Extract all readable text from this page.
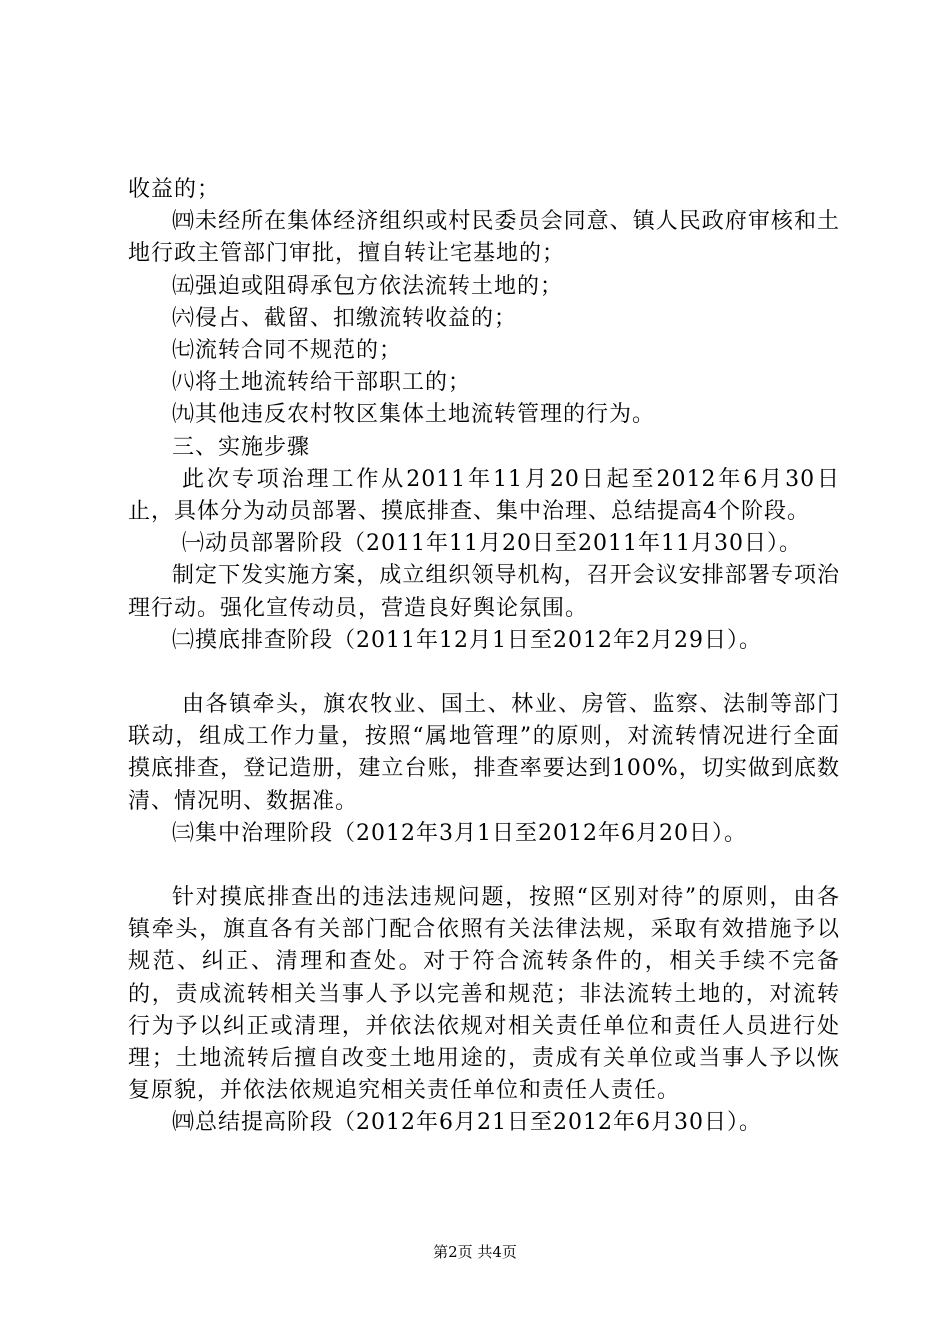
收益的；

㈣未经所在集体经济组织或村民委员会同意、镇人民政府审核和土地行政主管部门审批，擅自转让宅基地的；

㈤强迫或阻碍承包方依法流转土地的；

㈥侵占、截留、扣缴流转收益的；

㈦流转合同不规范的；

㈧将土地流转给干部职工的；

㈨其他违反农村牧区集体土地流转管理的行为。

三、实施步骤

此次专项治理工作从2011年11月20日起至2012年6月30日止，具体分为动员部署、摸底排查、集中治理、总结提高4个阶段。

㈠动员部署阶段（2011年11月20日至2011年11月30日）。

制定下发实施方案，成立组织领导机构，召开会议安排部署专项治理行动。强化宣传动员，营造良好舆论氛围。

㈡摸底排查阶段（2011年12月1日至2012年2月29日）。

由各镇牵头，旗农牧业、国土、林业、房管、监察、法制等部门联动，组成工作力量，按照“属地管理”的原则，对流转情况进行全面摸底排查，登记造册，建立台账，排查率要达到100%，切实做到底数清、情况明、数据准。

㈢集中治理阶段（2012年3月1日至2012年6月20日）。

针对摸底排查出的违法违规问题，按照“区别对待”的原则，由各镇牵头，旗直各有关部门配合依照有关法律法规，采取有效措施予以规范、纠正、清理和查处。对于符合流转条件的，相关手续不完备的，责成流转相关当事人予以完善和规范；非法流转土地的，对流转行为予以纠正或清理，并依法依规对相关责任单位和责任人员进行处理；土地流转后擅自改变土地用途的，责成有关单位或当事人予以恢复原貌，并依法依规追究相关责任单位和责任人责任。

㈣总结提高阶段（2012年6月21日至2012年6月30日）。

第2页 共4页
